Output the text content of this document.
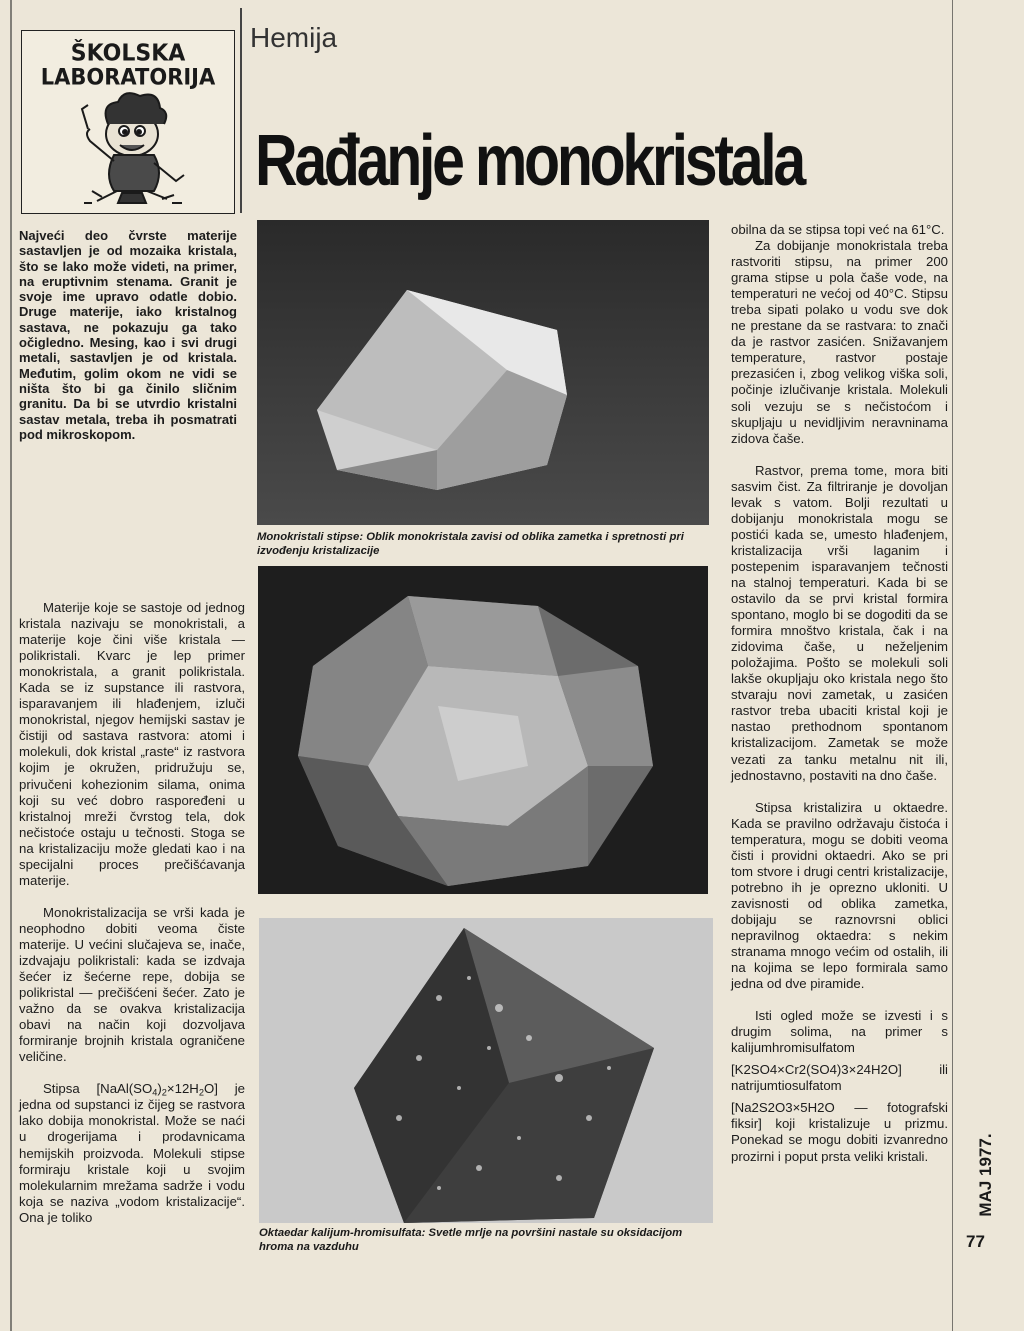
ŠKOLSKA
LABORATORIJA
Hemija
Rađanje monokristala

Najveći deo čvrste materije sastavljen je od mozaika kristala, što se lako može videti, na primer, na eruptivnim stenama. Granit je svoje ime upravo odatle dobio. Druge materije, iako kristalnog sastava, ne pokazuju ga tako očigledno. Mesing, kao i svi drugi metali, sastavljen je od kristala. Međutim, golim okom ne vidi se ništa što bi ga činilo sličnim granitu. Da bi se utvrdio kristalni sastav metala, treba ih posmatrati pod mikroskopom.

Materije koje se sastoje od jednog kristala nazivaju se monokristali, a materije koje čini više kristala — polikristali. Kvarc je lep primer monokristala, a granit polikristala. Kada se iz supstance ili rastvora, isparavanjem ili hlađenjem, izluči monokristal, njegov hemijski sastav je čistiji od sastava rastvora: atomi i molekuli, dok kristal „raste“ iz rastvora kojim je okružen, pridružuju se, privučeni kohezionim silama, onima koji su već dobro raspoređeni u kristalnoj mreži čvrstog tela, dok nečistoće ostaju u tečnosti. Stoga se na kristalizaciju može gledati kao i na specijalni proces prečišćavanja materije.

Monokristalizacija se vrši kada je neophodno dobiti veoma čiste materije. U većini slučajeva se, inače, izdvajaju polikristali: kada se izdvaja šećer iz šećerne repe, dobija se polikristal — prečišćeni šećer. Zato je važno da se ovakva kristalizacija obavi na način koji dozvoljava formiranje brojnih kristala ograničene veličine.

Stipsa $[NaAl(SO_4)_2\times 12H_2O]$ je jedna od supstanci iz čijeg se rastvora lako dobija monokristal. Može se naći u drogerijama i prodavnicama hemijskih proizvoda. Molekuli stipse formiraju kristale koji u svojim molekularnim mrežama sadrže i vodu koja se naziva „vodom kristalizacije“. Ona je toliko

Monokristali stipse: Oblik monokristala zavisi od oblika zametka i spretnosti pri izvođenju kristalizacije
Oktaedar kalijum-hromisulfata: Svetle mrlje na površini nastale su oksidacijom hroma na vazduhu

obilna da se stipsa topi već na 61°C.

Za dobijanje monokristala treba rastvoriti stipsu, na primer 200 grama stipse u pola čaše vode, na temperaturi ne većoj od 40°C. Stipsu treba sipati polako u vodu sve dok ne prestane da se rastvara: to znači da je rastvor zasićen. Snižavanjem temperature, rastvor postaje prezasićen i, zbog velikog viška soli, počinje izlučivanje kristala. Molekuli soli vezuju se s nečistoćom i skupljaju u nevidljivim neravninama zidova čaše.

Rastvor, prema tome, mora biti sasvim čist. Za filtriranje je dovoljan levak s vatom. Bolji rezultati u dobijanju monokristala mogu se postići kada se, umesto hlađenjem, kristalizacija vrši laganim i postepenim isparavanjem tečnosti na stalnoj temperaturi. Kada bi se ostavilo da se prvi kristal formira spontano, moglo bi se dogoditi da se formira mnoštvo kristala, čak i na zidovima čaše, u neželjenim položajima. Pošto se molekuli soli lakše okupljaju oko kristala nego što stvaraju novi zametak, u zasićen rastvor treba ubaciti kristal koji je nastao prethodnom spontanom kristalizacijom. Zametak se može vezati za tanku metalnu nit ili, jednostavno, postaviti na dno čaše.

Stipsa kristalizira u oktaedre. Kada se pravilno održavaju čistoća i temperatura, mogu se dobiti veoma čisti i providni oktaedri. Ako se pri tom stvore i drugi centri kristalizacije, potrebno ih je oprezno ukloniti. U zavisnosti od oblika zametka, dobijaju se raznovrsni oblici nepravilnog oktaedra: s nekim stranama mnogo većim od ostalih, ili na kojima se lepo formirala samo jedna od dve piramide.

Isti ogled može se izvesti i s drugim solima, na primer s kalijumhromisulfatom

[K2SO4×Cr2(SO4)3×24H2O] ili natrijumtiosulfatom

[Na2S2O3×5H2O — fotografski fiksir] koji kristalizuje u prizmu. Ponekad se mogu dobiti izvanredno prozirni i poput prsta veliki kristali.	MAJ 1977.
77
